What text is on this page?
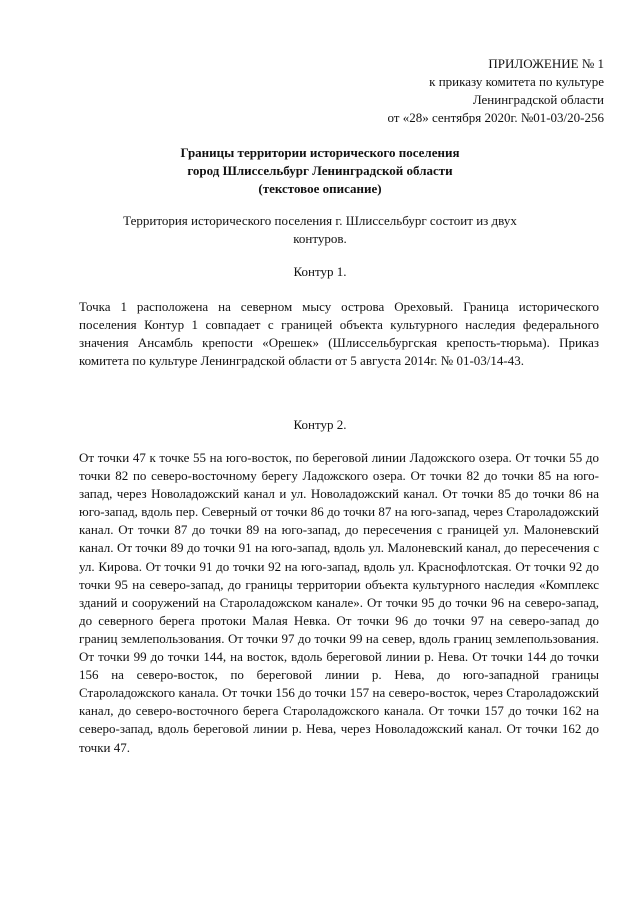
ПРИЛОЖЕНИЕ № 1
к приказу комитета по культуре
Ленинградской области
от «28» сентября 2020г. №01-03/20-256
Границы территории исторического поселения
город Шлиссельбург Ленинградской области
(текстовое описание)
Территория исторического поселения г. Шлиссельбург состоит из двух контуров.
Контур 1.
Точка 1 расположена на северном мысу острова Ореховый. Граница исторического поселения Контур 1 совпадает с границей объекта культурного наследия федерального значения Ансамбль крепости «Орешек» (Шлиссельбургская крепость-тюрьма). Приказ комитета по культуре Ленинградской области от 5 августа 2014г. № 01-03/14-43.
Контур 2.
От точки 47 к точке 55 на юго-восток, по береговой линии Ладожского озера. От точки 55 до точки 82 по северо-восточному берегу Ладожского озера. От точки 82 до точки 85 на юго-запад, через Новоладожский канал и ул. Новоладожский канал. От точки 85 до точки 86 на юго-запад, вдоль пер. Северный от точки 86 до точки 87 на юго-запад, через Староладожский канал. От точки 87 до точки 89 на юго-запад, до пересечения с границей ул. Малоневский канал. От точки 89 до точки 91 на юго-запад, вдоль ул. Малоневский канал, до пересечения с ул. Кирова. От точки 91 до точки 92 на юго-запад, вдоль ул. Краснофлотская. От точки 92 до точки 95 на северо-запад, до границы территории объекта культурного наследия «Комплекс зданий и сооружений на Староладожском канале». От точки 95 до точки 96 на северо-запад, до северного берега протоки Малая Невка. От точки 96 до точки 97 на северо-запад до границ землепользования. От точки 97 до точки 99 на север, вдоль границ землепользования. От точки 99 до точки 144, на восток, вдоль береговой линии р. Нева. От точки 144 до точки 156 на северо-восток, по береговой линии р. Нева, до юго-западной границы Староладожского канала. От точки 156 до точки 157 на северо-восток, через Староладожский канал, до северо-восточного берега Староладожского канала. От точки 157 до точки 162 на северо-запад, вдоль береговой линии р. Нева, через Новоладожский канал. От точки 162 до точки 47.
